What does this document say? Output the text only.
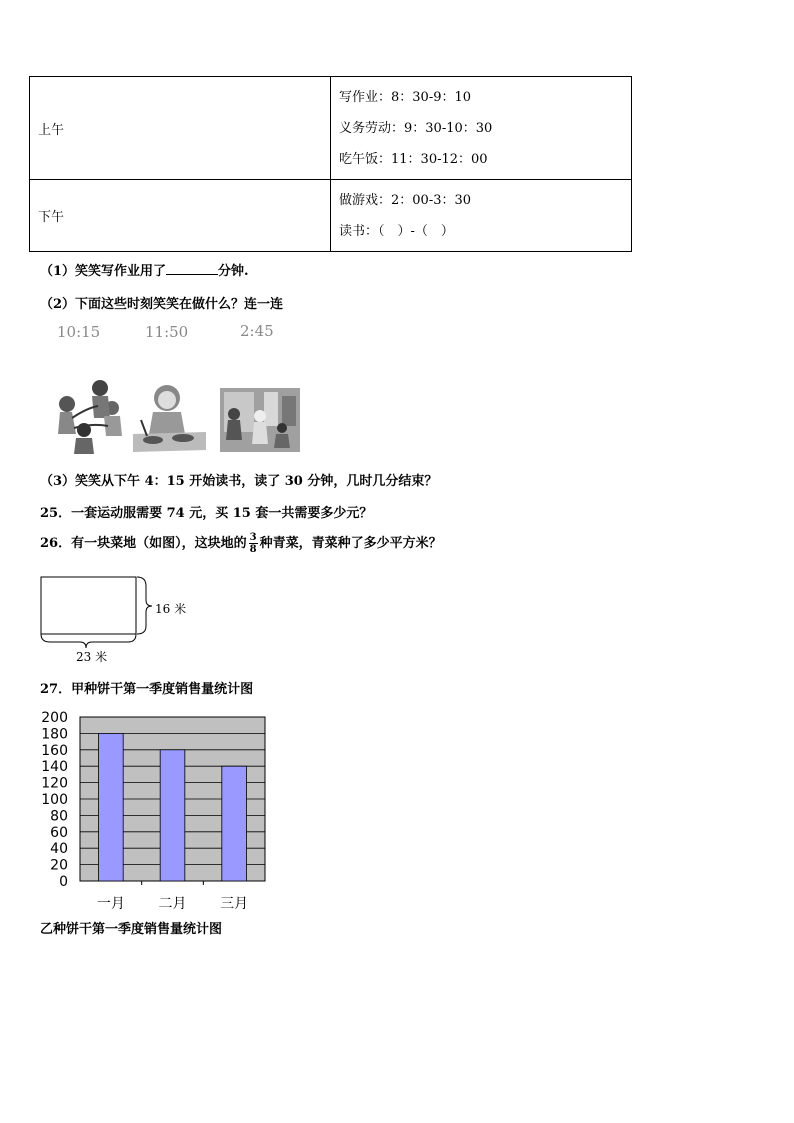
上午	写作业：8：30-9：10
义务劳动：9：30-10：30
吃午饭：11：30-12：00

下午	做游戏：2：00-3：30
读书：（　）-（　）
（1）笑笑写作业用了	分钟.
（2）下面这些时刻笑笑在做什么？连一连
10:15	11:50	2:45
（3）笑笑从下午 4：15 开始读书，读了 30 分钟，几时几分结束？
25．一套运动服需要 74 元，买 15 套一共需要多少元？
26．有一块菜地（如图），这块地的 $\frac{3}{8}$ 种青菜，青菜种了多少平方米？
16 米
23 米
27．甲种饼干第一季度销售量统计图
0
20
40
60
80
100
120
140
160
180
200
一月 二月 三月
乙种饼干第一季度销售量统计图
